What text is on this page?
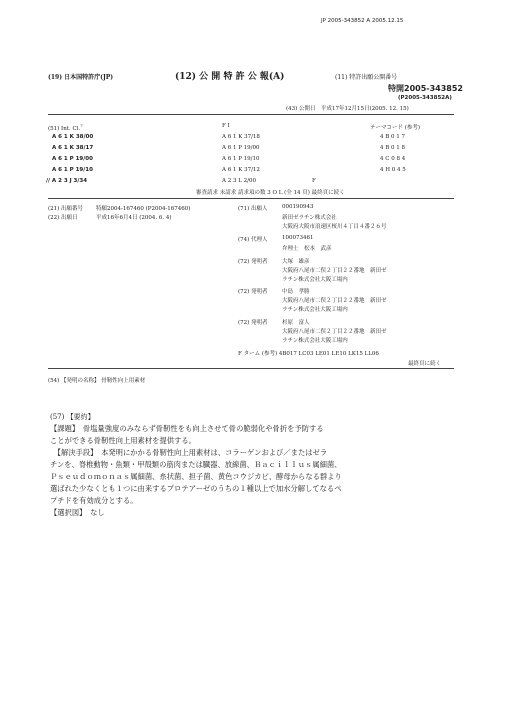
JP 2005-343852 A 2005.12.15
(19) 日本国特許庁(JP)	(12) 公 開 特 許 公 報(A)	(11) 特許出願公開番号
特開2005-343852
(P2005-343852A)
(43) 公開日　平成17年12月15日(2005. 12. 15)
(51) Int. Cl.$^7$	F I	テーマコード (参考)
A 6 1 K 38/00	A 6 1 K 37/18	4 B 0 1 7
A 6 1 K 38/17	A 6 1 P 19/00	4 B 0 1 8
A 6 1 P 19/00	A 6 1 P 19/10	4 C 0 8 4
A 6 1 P 19/10	A 6 1 K 37/12	4 H 0 4 5
// A 2 3 J 3/34	A 2 3 L 2/00	F
審査請求 未請求 請求項の数 3 O L (全 14 頁) 最終頁に続く
(21) 出願番号 特願2004-167460 (P2004-167460)
(22) 出願日	平成16年6月4日 (2004. 6. 4)
(71) 出願人	000190943
新田ゼラチン株式会社
大阪府大阪市浪速区桜川４丁目４番２６号
(74) 代理人	100073461
弁理士　松本　武彦
(72) 発明者	大塚　雄彦
大阪府八尾市二俣２丁目２２番地　新田ゼ
ラチン株式会社大阪工場内
(72) 発明者	中島　孝勝
大阪府八尾市二俣２丁目２２番地　新田ゼ
ラチン株式会社大阪工場内
(72) 発明者	杉原　富人
大阪府八尾市二俣２丁目２２番地　新田ゼ
ラチン株式会社大阪工場内
F ターム (参考) 4B017 LC03 LE01 LE10 LK15 LL06
最終頁に続く
(54) 【発明の名称】 骨靭性向上用素材
(57) 【要約】
【課題】　骨塩量強度のみならず骨靭性をも向上させて骨の脆弱化や骨折を予防する
ことができる骨靭性向上用素材を提供する。
　【解決手段】　本発明にかかる骨靭性向上用素材は、コラーゲンおよび／またはゼラ
チンを、脊椎動物・魚類・甲殻類の筋肉または臓器、放線菌、Ｂａｃｉｌｌｕｓ属細菌、
Ｐｓｅｕｄｏｍｏｎａｓ属細菌、糸状菌、担子菌、黄色コウジカビ、酵母からなる群より
選ばれた少なくとも１つに由来するプロテアーゼのうちの１種以上で加水分解してなるペ
プチドを有効成分とする。
【選択図】　なし
